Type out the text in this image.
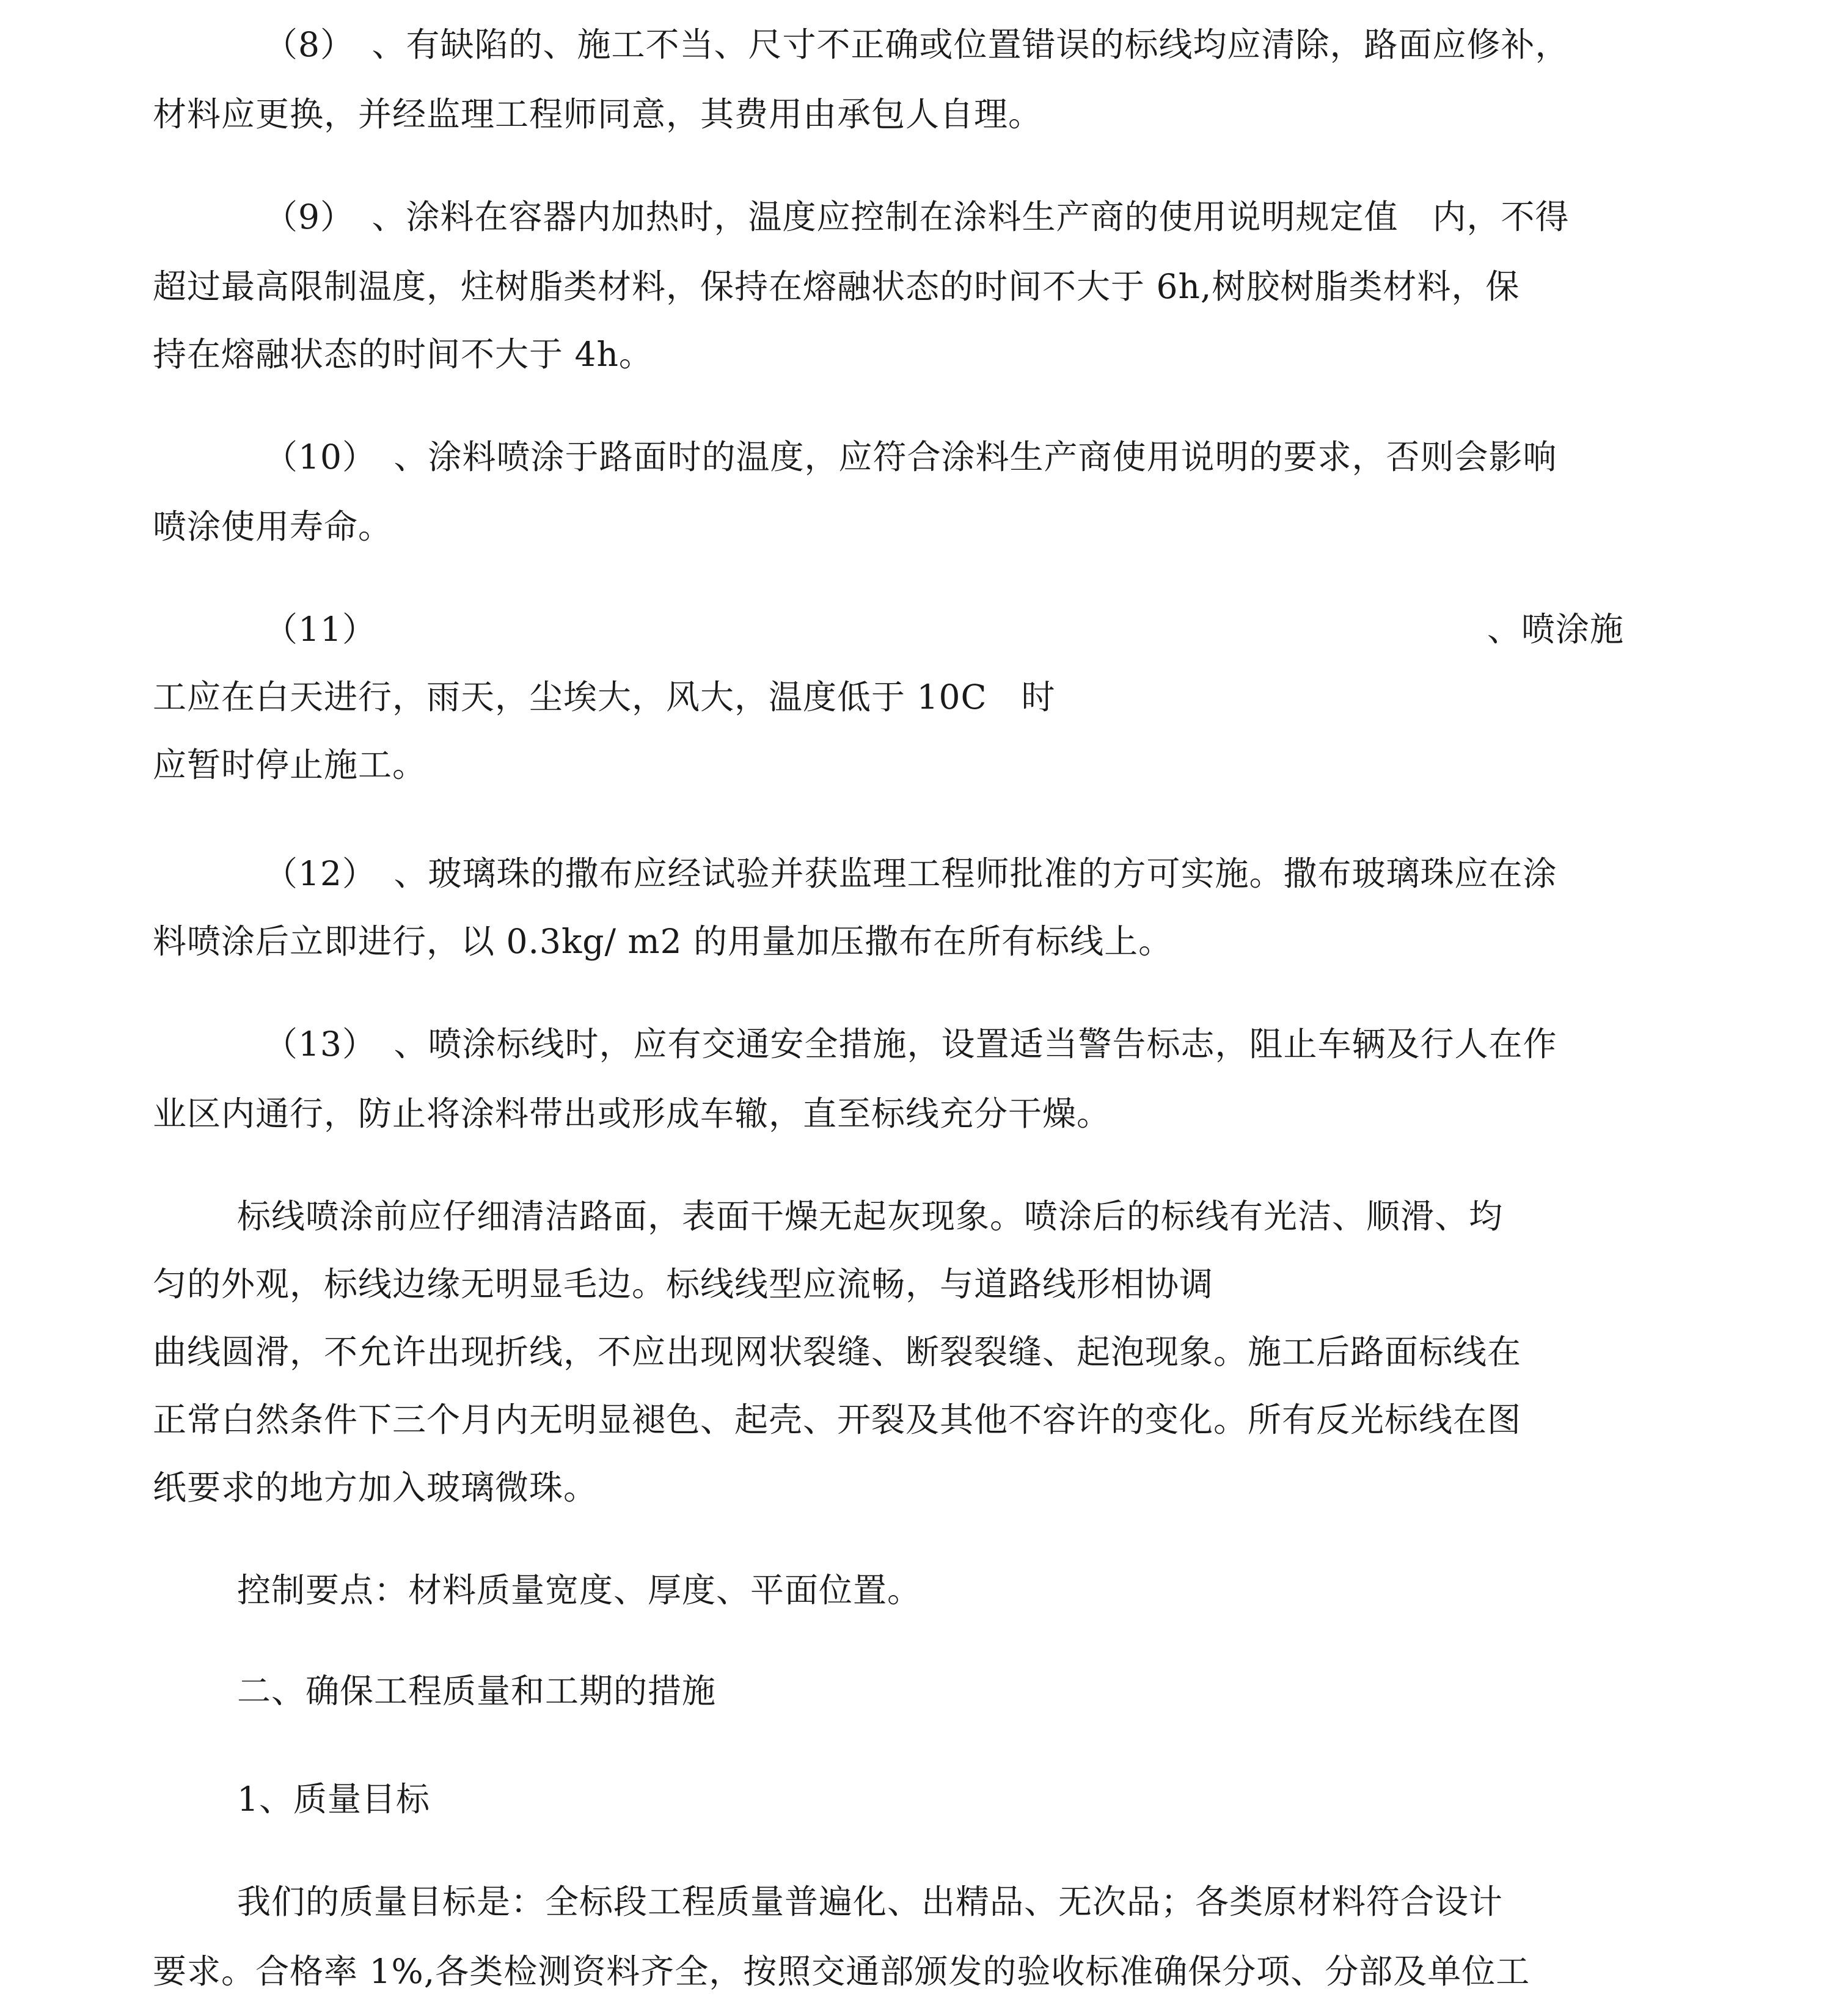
（8）　、有缺陷的、施工不当、尺寸不正确或位置错误的标线均应清除，路面应修补，
材料应更换，并经监理工程师同意，其费用由承包人自理。
（9）　、涂料在容器内加热时，温度应控制在涂料生产商的使用说明规定值　内，不得
超过最高限制温度，炷树脂类材料，保持在熔融状态的时间不大于 6h,树胶树脂类材料，保
持在熔融状态的时间不大于 4h。
（10）　、涂料喷涂于路面时的温度，应符合涂料生产商使用说明的要求，否则会影响
喷涂使用寿命。
（11）	、喷涂施
工应在白天进行，雨天，尘埃大，风大，温度低于 10C　时
应暂时停止施工。
（12）　、玻璃珠的撒布应经试验并获监理工程师批准的方可实施。撒布玻璃珠应在涂
料喷涂后立即进行，以 0.3kg/ m2 的用量加压撒布在所有标线上。
（13）　、喷涂标线时，应有交通安全措施，设置适当警告标志，阻止车辆及行人在作
业区内通行，防止将涂料带出或形成车辙，直至标线充分干燥。
标线喷涂前应仔细清洁路面，表面干燥无起灰现象。喷涂后的标线有光洁、顺滑、均
匀的外观，标线边缘无明显毛边。标线线型应流畅，与道路线形相协调
曲线圆滑，不允许出现折线，不应出现网状裂缝、断裂裂缝、起泡现象。施工后路面标线在
正常白然条件下三个月内无明显褪色、起壳、开裂及其他不容许的变化。所有反光标线在图
纸要求的地方加入玻璃微珠。
控制要点：材料质量宽度、厚度、平面位置。
二、确保工程质量和工期的措施
1、质量目标
我们的质量目标是：全标段工程质量普遍化、出精品、无次品；各类原材料符合设计
要求。合格率 1%,各类检测资料齐全，按照交通部颁发的验收标准确保分项、分部及单位工
